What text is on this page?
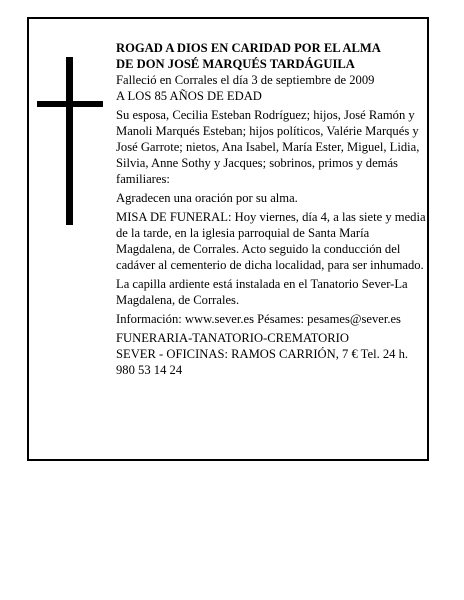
ROGAD A DIOS EN CARIDAD POR EL ALMA

DE DON JOSÉ MARQUÉS TARDÁGUILA

Falleció en Corrales el día 3 de septiembre de 2009

A LOS 85 AÑOS DE EDAD

Su esposa, Cecilia Esteban Rodríguez; hijos, José Ramón y Manoli Marqués Esteban; hijos políticos, Valérie Marqués y José Garrote; nietos, Ana Isabel, María Ester, Miguel, Lidia, Silvia, Anne Sothy y Jacques; sobrinos, primos y demás familiares:

Agradecen una oración por su alma.

MISA DE FUNERAL: Hoy viernes, día 4, a las siete y media de la tarde, en la iglesia parroquial de Santa María Magdalena, de Corrales. Acto seguido la conducción del cadáver al cementerio de dicha localidad, para ser inhumado.

La capilla ardiente está instalada en el Tanatorio Sever-La Magdalena, de Corrales.

Información: www.sever.es Pésames: pesames@sever.es

FUNERARIA-TANATORIO-CREMATORIO

SEVER - OFICINAS: RAMOS CARRIÓN, 7 € Tel. 24 h. 980 53 14 24
